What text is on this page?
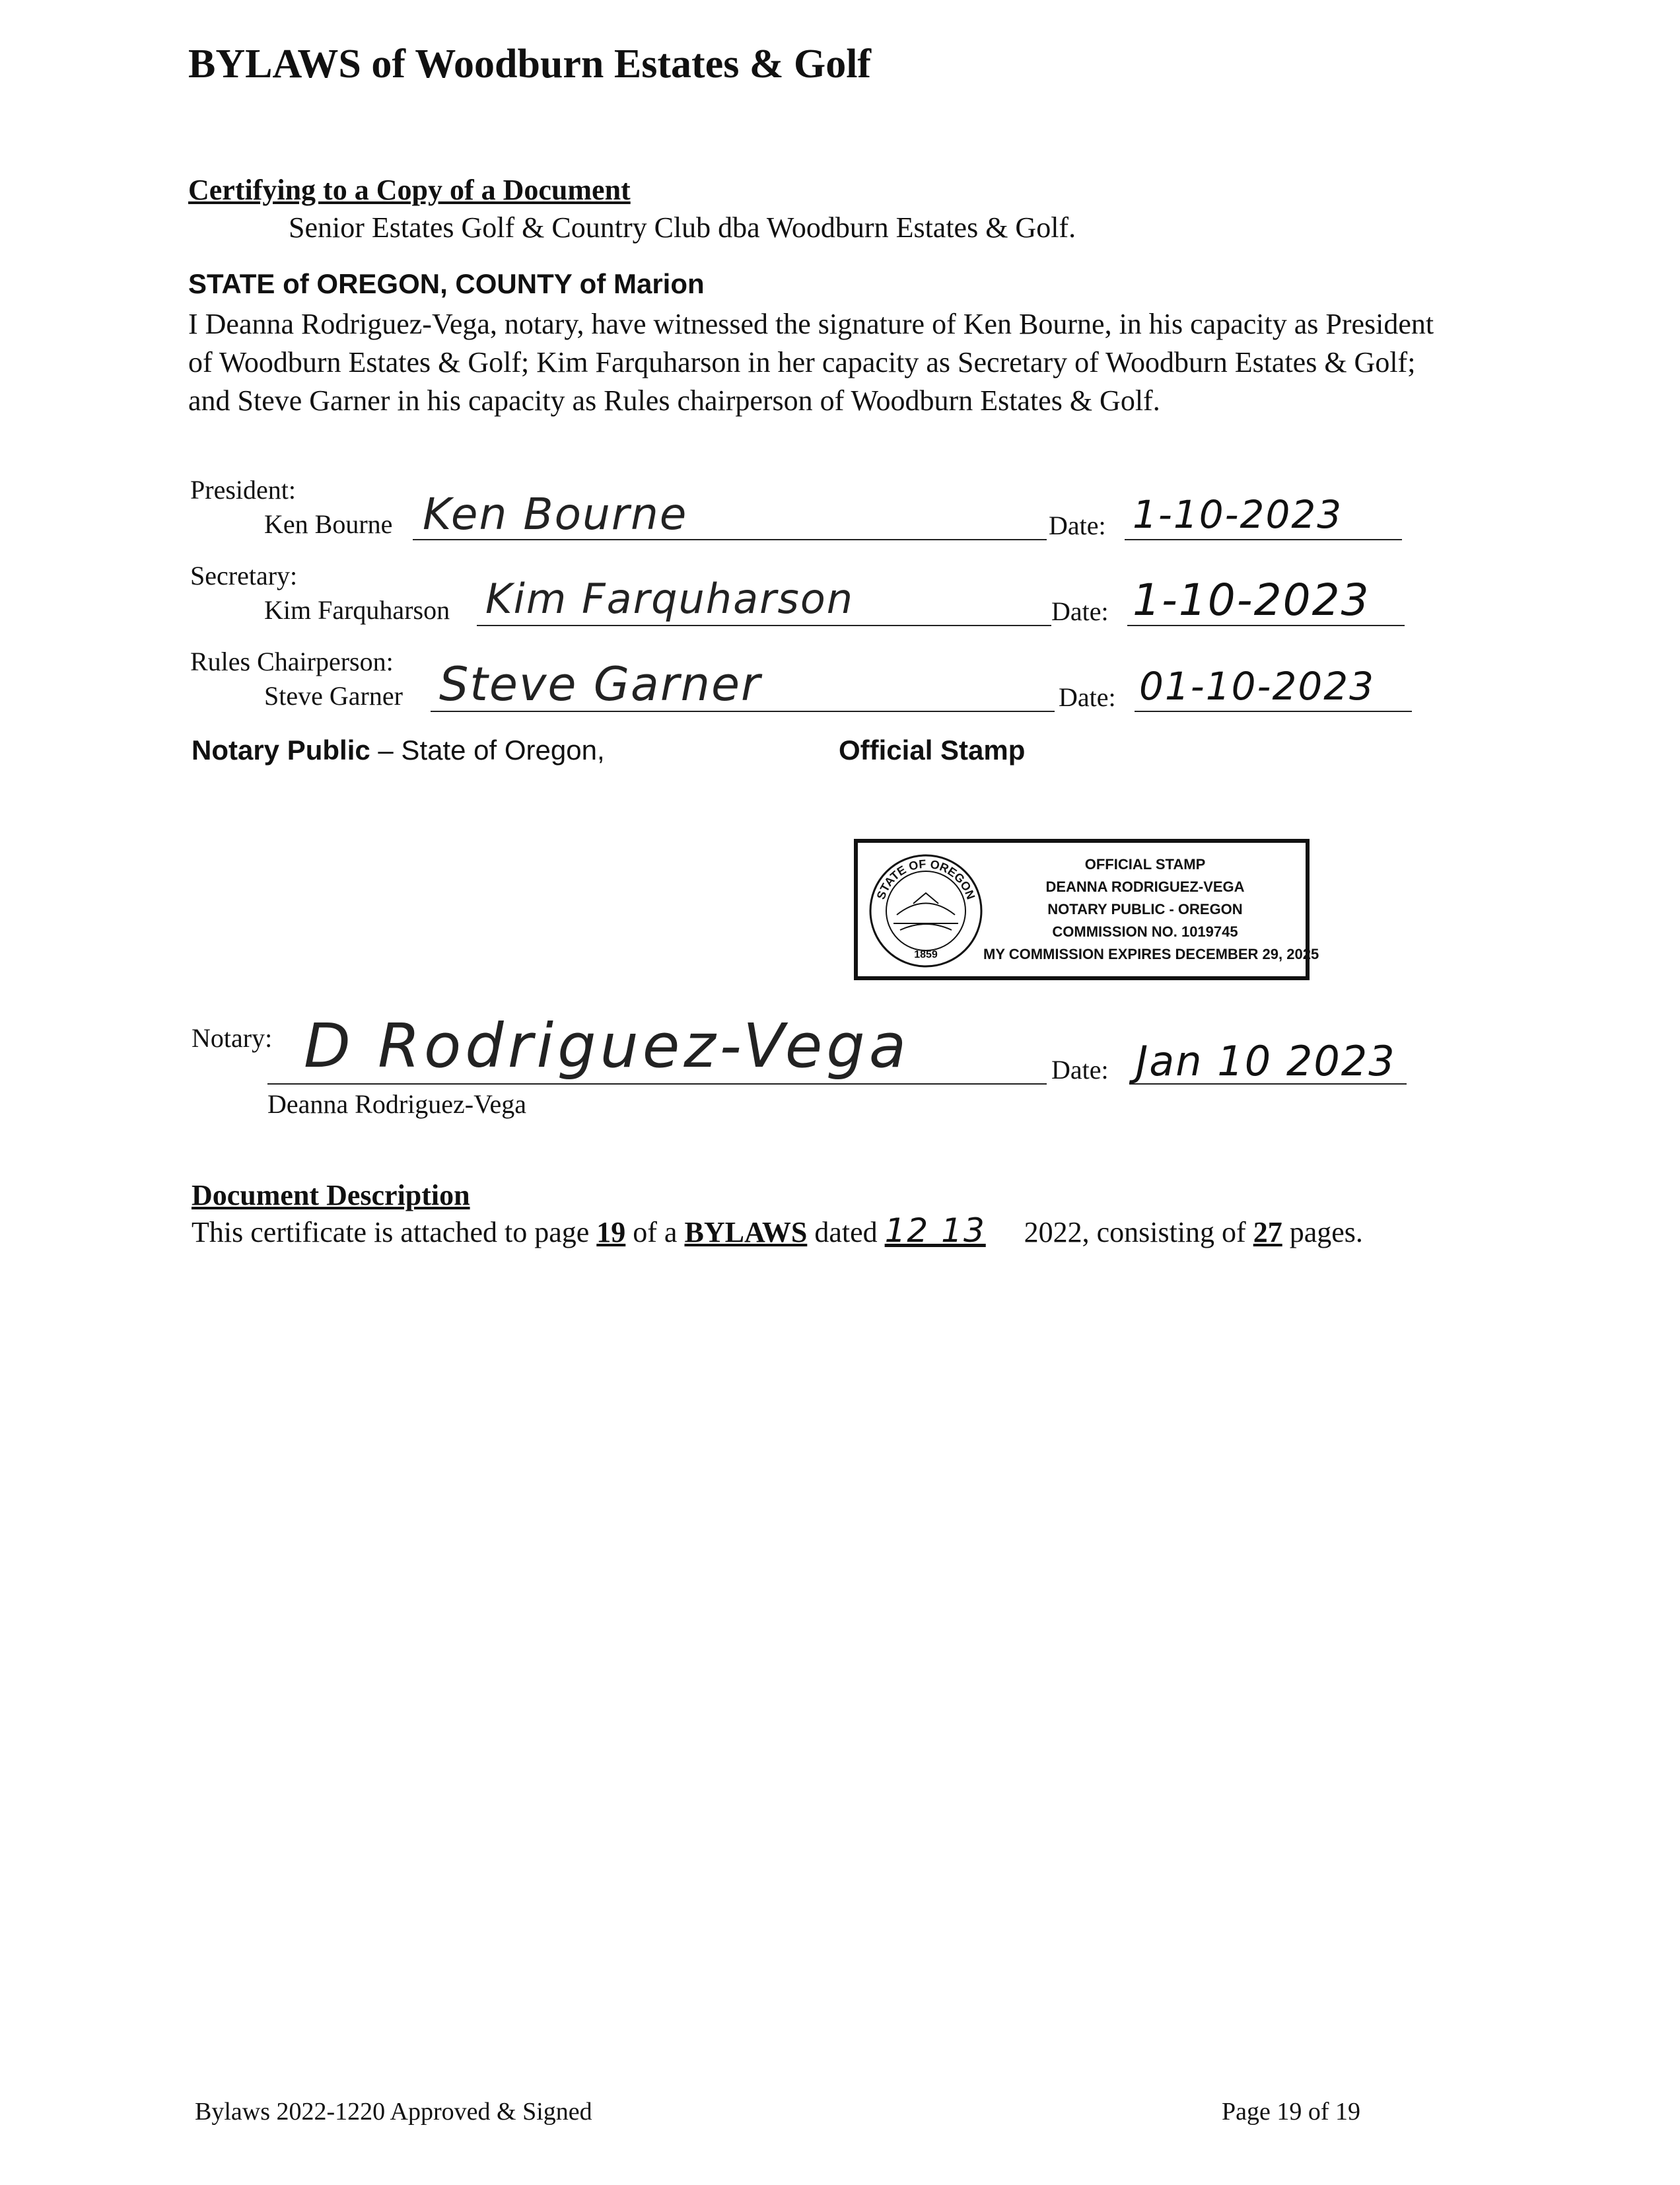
BYLAWS of Woodburn Estates & Golf
Certifying to a Copy of a Document
Senior Estates Golf & Country Club dba Woodburn Estates & Golf.
STATE of OREGON, COUNTY of Marion
I Deanna Rodriguez-Vega, notary, have witnessed the signature of Ken Bourne, in his capacity as President of Woodburn Estates & Golf; Kim Farquharson in her capacity as Secretary of Woodburn Estates & Golf; and Steve Garner in his capacity as Rules chairperson of Woodburn Estates & Golf.
President:
Ken Bourne Ken Bourne	Date: 1-10-2023
Secretary:
Kim Farquharson Kim Farquharson	Date: 1-10-2023
Rules Chairperson:
Steve Garner Steve Garner	Date: 01-10-2023
Notary Public – State of Oregon,	Official Stamp
STATE OF OREGON
1859
OFFICIAL STAMP
DEANNA RODRIGUEZ-VEGA
NOTARY PUBLIC - OREGON
COMMISSION NO. 1019745
MY COMMISSION EXPIRES DECEMBER 29, 2025
Notary: D Rodriguez-Vega
Deanna Rodriguez-Vega
Date: Jan 10 2023
Document Description
This certificate is attached to page 19 of a BYLAWS dated 12 13 2022, consisting of 27 pages.
Bylaws 2022-1220 Approved & Signed	Page 19 of 19
